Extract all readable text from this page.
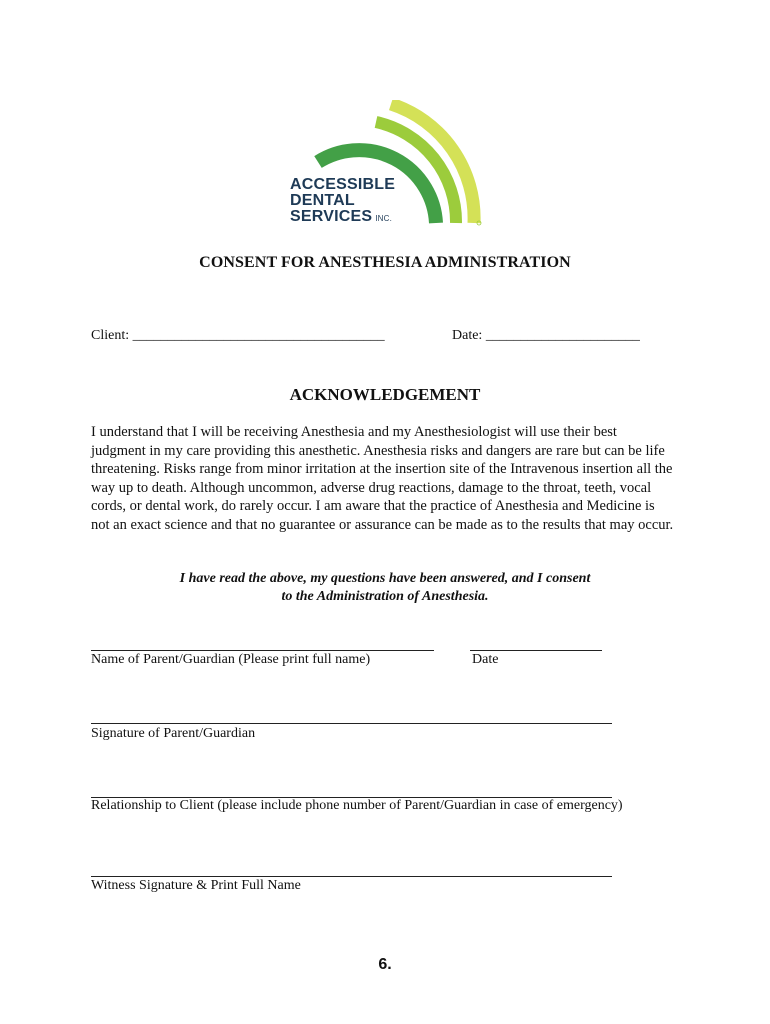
ACCESSIBLE
DENTAL
SERVICES INC.
CONSENT FOR ANESTHESIA ADMINISTRATION
Client: ____________________________________	Date: ______________________
ACKNOWLEDGEMENT

I understand that I will be receiving Anesthesia and my Anesthesiologist will use their best judgment in my care providing this anesthetic. Anesthesia risks and dangers are rare but can be life threatening. Risks range from minor irritation at the insertion site of the Intravenous insertion all the way up to death. Although uncommon, adverse drug reactions, damage to the throat, teeth, vocal cords, or dental work, do rarely occur. I am aware that the practice of Anesthesia and Medicine is not an exact science and that no guarantee or assurance can be made as to the results that may occur.

I have read the above, my questions have been answered, and I consent
to the Administration of Anesthesia.
Name of Parent/Guardian (Please print full name)	Date
Signature of Parent/Guardian
Relationship to Client (please include phone number of Parent/Guardian in case of emergency)
Witness Signature & Print Full Name
6.
